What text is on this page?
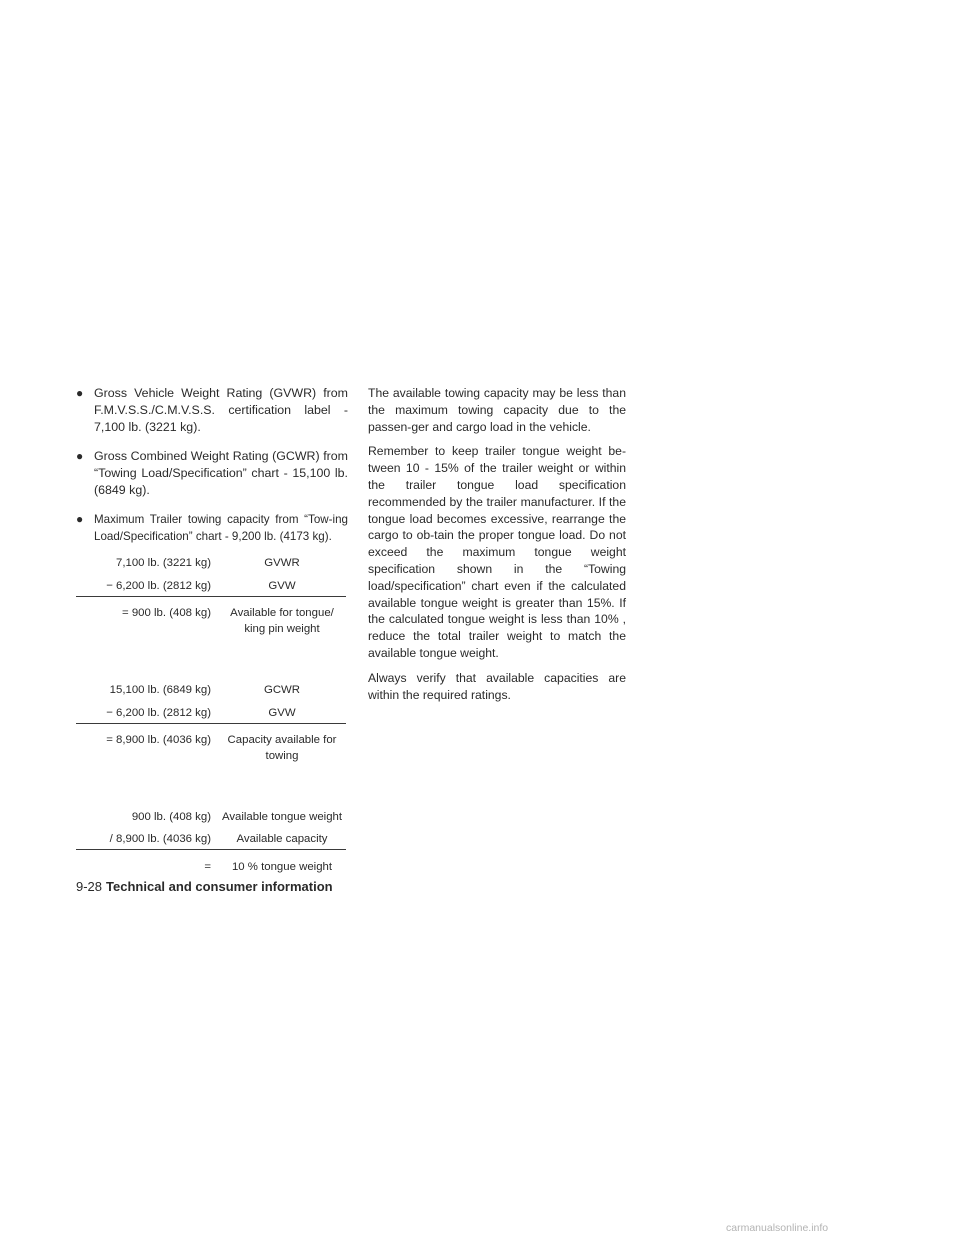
● Gross Vehicle Weight Rating (GVWR) from F.M.V.S.S./C.M.V.S.S. certification label - 7,100 lb. (3221 kg).
● Gross Combined Weight Rating (GCWR) from “Towing Load/Specification” chart - 15,100 lb. (6849 kg).
● Maximum Trailer towing capacity from “Tow-ing Load/Specification” chart - 9,200 lb. (4173 kg).
7,100 lb. (3221 kg)	GVWR
− 6,200 lb. (2812 kg)	GVW
= 900 lb. (408 kg)	Available for tongue/ king pin weight
15,100 lb. (6849 kg)	GCWR
− 6,200 lb. (2812 kg)	GVW
= 8,900 lb. (4036 kg)	Capacity available for towing
900 lb. (408 kg) Available tongue weight
/ 8,900 lb. (4036 kg)	Available capacity
=	10 % tongue weight

The available towing capacity may be less than the maximum towing capacity due to the passen-ger and cargo load in the vehicle.

Remember to keep trailer tongue weight be-tween 10 - 15% of the trailer weight or within the trailer tongue load specification recommended by the trailer manufacturer. If the tongue load becomes excessive, rearrange the cargo to ob-tain the proper tongue load. Do not exceed the maximum tongue weight specification shown in the “Towing load/specification” chart even if the calculated available tongue weight is greater than 15%. If the calculated tongue weight is less than 10% , reduce the total trailer weight to match the available tongue weight.

Always verify that available capacities are within the required ratings.

9-28 Technical and consumer information
carmanualsonline.info
